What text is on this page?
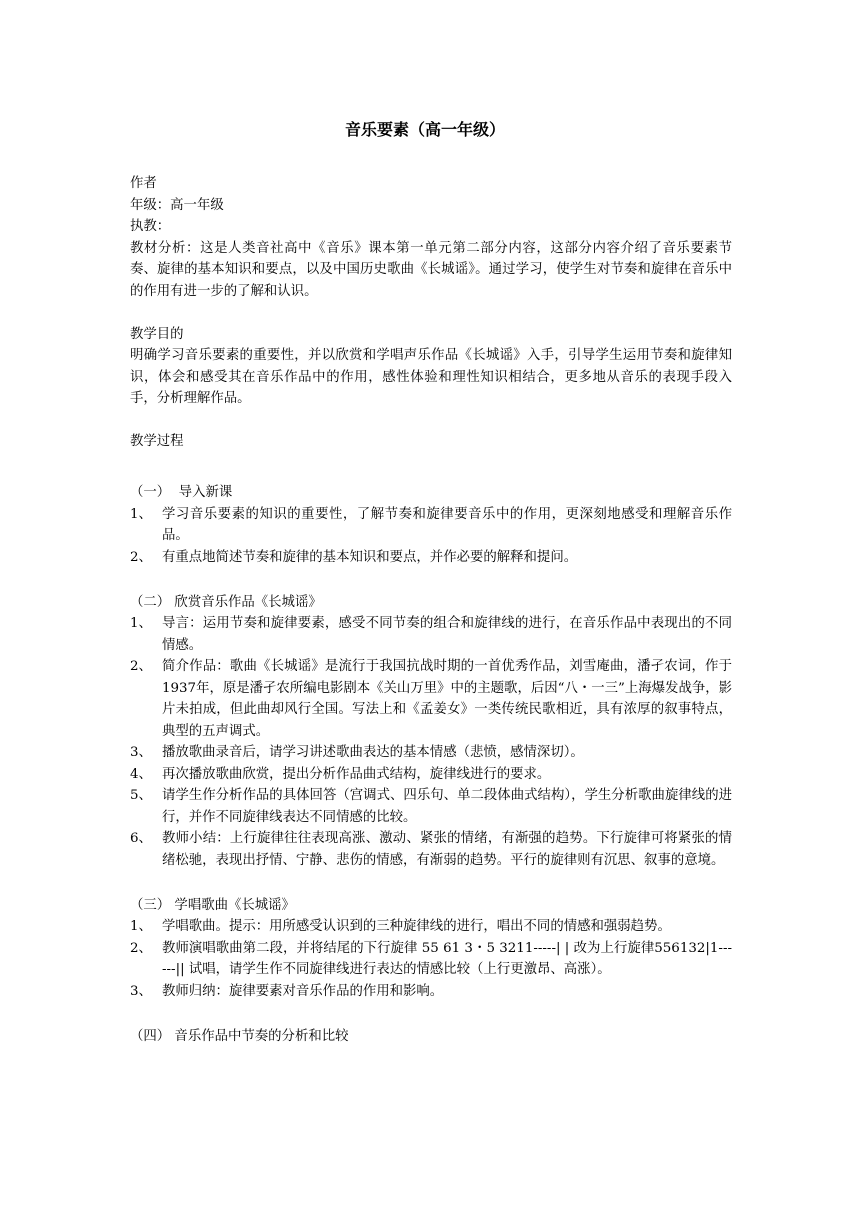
音乐要素（高一年级）

作者

年级：高一年级

执教：

教材分析：这是人类音社高中《音乐》课本第一单元第二部分内容，这部分内容介绍了音乐要素节奏、旋律的基本知识和要点，以及中国历史歌曲《长城谣》。通过学习，使学生对节奏和旋律在音乐中的作用有进一步的了解和认识。

教学目的

明确学习音乐要素的重要性，并以欣赏和学唱声乐作品《长城谣》入手，引导学生运用节奏和旋律知识，体会和感受其在音乐作品中的作用，感性体验和理性知识相结合，更多地从音乐的表现手段入手，分析理解作品。

教学过程

（一）  导入新课

1、 学习音乐要素的知识的重要性，了解节奏和旋律要音乐中的作用，更深刻地感受和理解音乐作品。
2、 有重点地简述节奏和旋律的基本知识和要点，并作必要的解释和提问。

（二） 欣赏音乐作品《长城谣》

1、 导言：运用节奏和旋律要素，感受不同节奏的组合和旋律线的进行，在音乐作品中表现出的不同情感。
2、 简介作品：歌曲《长城谣》是流行于我国抗战时期的一首优秀作品，刘雪庵曲，潘孑农词，作于1937年，原是潘孑农所编电影剧本《关山万里》中的主题歌，后因“八・一三”上海爆发战争，影片未拍成，但此曲却风行全国。写法上和《孟姜女》一类传统民歌相近，具有浓厚的叙事特点，典型的五声调式。
3、 播放歌曲录音后，请学习讲述歌曲表达的基本情感（悲愤，感情深切）。
4、 再次播放歌曲欣赏，提出分析作品曲式结构，旋律线进行的要求。
5、 请学生作分析作品的具体回答（宫调式、四乐句、单二段体曲式结构），学生分析歌曲旋律线的进行，并作不同旋律线表达不同情感的比较。
6、 教师小结：上行旋律往往表现高涨、激动、紧张的情绪，有渐强的趋势。下行旋律可将紧张的情绪松驰，表现出抒情、宁静、悲伤的情感，有渐弱的趋势。平行的旋律则有沉思、叙事的意境。

（三） 学唱歌曲《长城谣》

1、 学唱歌曲。提示：用所感受认识到的三种旋律线的进行，唱出不同的情感和强弱趋势。
2、 教师演唱歌曲第二段，并将结尾的下行旋律 55 61 3・5 3211-----| | 改为上行旋律556132|1------|| 试唱，请学生作不同旋律线进行表达的情感比较（上行更激昂、高涨）。
3、 教师归纳：旋律要素对音乐作品的作用和影响。

（四） 音乐作品中节奏的分析和比较
